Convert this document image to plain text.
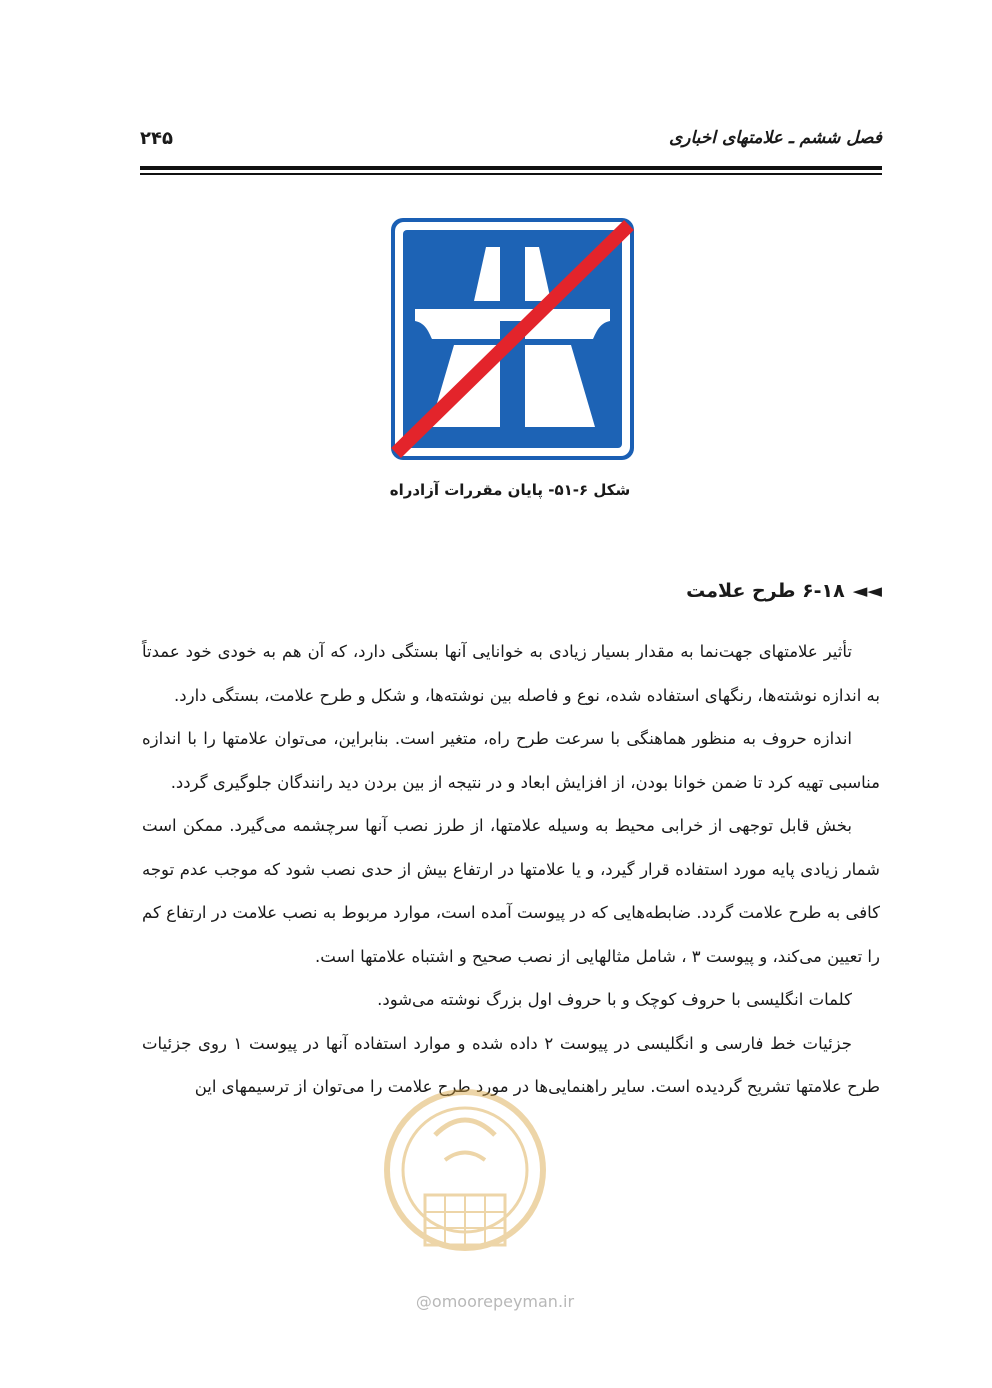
فصل ششم ـ علامتهای اخباری
۲۴۵
شکل ۶-۵۱- پایان مقررات آزادراه
◄◄۶-۱۸ طرح علامت

تأثیر علامتهای جهت‌نما به مقدار بسیار زیادی به خوانایی آنها بستگی دارد، که آن هم به خودی خود عمدتاً به اندازه نوشته‌ها، رنگهای استفاده شده، نوع و فاصله بین نوشته‌ها، و شکل و طرح علامت، بستگی دارد.

اندازه حروف به منظور هماهنگی با سرعت طرح راه، متغیر است. بنابراین، می‌توان علامتها را با اندازه مناسبی تهیه کرد تا ضمن خوانا بودن، از افزایش ابعاد و در نتیجه از بین بردن دید رانندگان جلوگیری گردد.

بخش قابل توجهی از خرابی محیط به وسیله علامتها، از طرز نصب آنها سرچشمه می‌گیرد. ممکن است شمار زیادی پایه مورد استفاده قرار گیرد، و یا علامتها در ارتفاع بیش از حدی نصب شود که موجب عدم توجه کافی به طرح علامت گردد. ضابطه‌هایی که در پیوست آمده است، موارد مربوط به نصب علامت در ارتفاع کم را تعیین می‌کند، و پیوست ۳ ، شامل مثالهایی از نصب صحیح و اشتباه علامتها است.

کلمات انگلیسی با حروف کوچک و با حروف اول بزرگ نوشته می‌شود.

جزئیات خط فارسی و انگلیسی در پیوست ۲ داده شده و موارد استفاده آنها در پیوست ۱ روی جزئیات طرح علامتها تشریح گردیده است. سایر راهنمایی‌ها در مورد طرح علامت را می‌توان از ترسیمهای این

@omoorepeyman.ir
